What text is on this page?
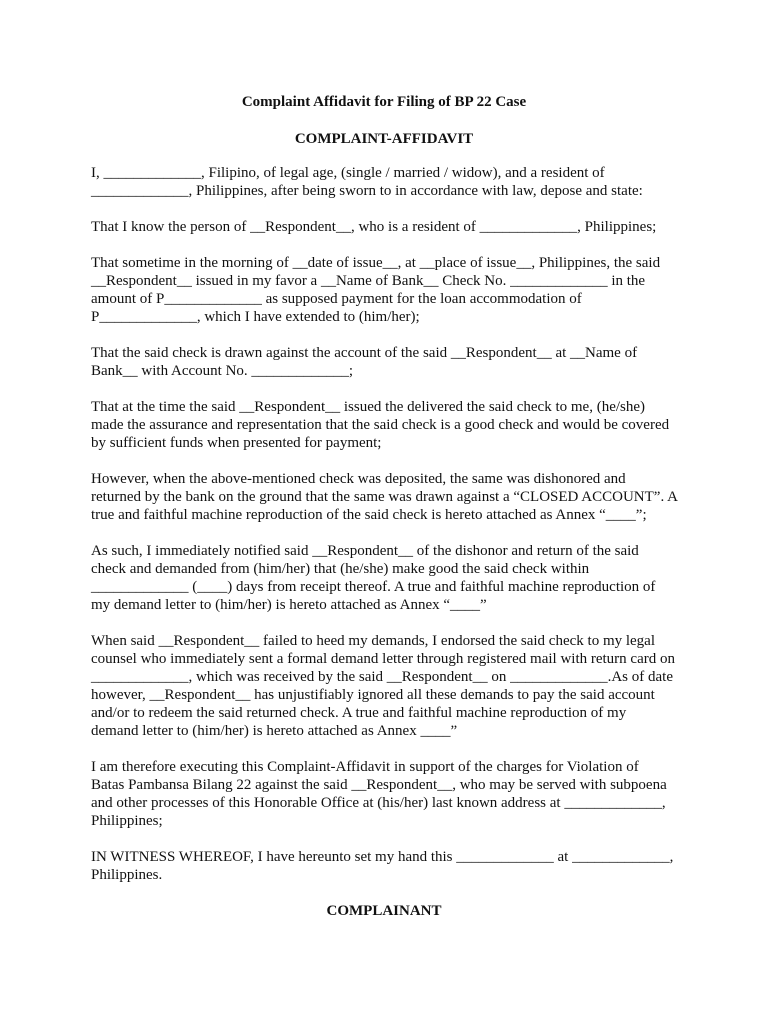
Complaint Affidavit for Filing of BP 22 Case

COMPLAINT-AFFIDAVIT

I, _____________, Filipino, of legal age, (single / married / widow), and a resident of
_____________, Philippines, after being sworn to in accordance with law, depose and state:

That I know the person of __Respondent__, who is a resident of _____________, Philippines;

That sometime in the morning of __date of issue__, at __place of issue__, Philippines, the said
__Respondent__ issued in my favor a __Name of Bank__ Check No. _____________ in the
amount of P_____________ as supposed payment for the loan accommodation of
P_____________, which I have extended to (him/her);

That the said check is drawn against the account of the said __Respondent__ at __Name of
Bank__ with Account No. _____________;

That at the time the said __Respondent__ issued the delivered the said check to me, (he/she)
made the assurance and representation that the said check is a good check and would be covered
by sufficient funds when presented for payment;

However, when the above-mentioned check was deposited, the same was dishonored and
returned by the bank on the ground that the same was drawn against a “CLOSED ACCOUNT”. A
true and faithful machine reproduction of the said check is hereto attached as Annex “____”;

As such, I immediately notified said __Respondent__ of the dishonor and return of the said
check and demanded from (him/her) that (he/she) make good the said check within
_____________ (____) days from receipt thereof. A true and faithful machine reproduction of
my demand letter to (him/her) is hereto attached as Annex “____”

When said __Respondent__ failed to heed my demands, I endorsed the said check to my legal
counsel who immediately sent a formal demand letter through registered mail with return card on
_____________, which was received by the said __Respondent__ on _____________.As of date
however, __Respondent__ has unjustifiably ignored all these demands to pay the said account
and/or to redeem the said returned check. A true and faithful machine reproduction of my
demand letter to (him/her) is hereto attached as Annex ____”

I am therefore executing this Complaint-Affidavit in support of the charges for Violation of
Batas Pambansa Bilang 22 against the said __Respondent__, who may be served with subpoena
and other processes of this Honorable Office at (his/her) last known address at _____________,
Philippines;

IN WITNESS WHEREOF, I have hereunto set my hand this _____________ at _____________,
Philippines.

COMPLAINANT
